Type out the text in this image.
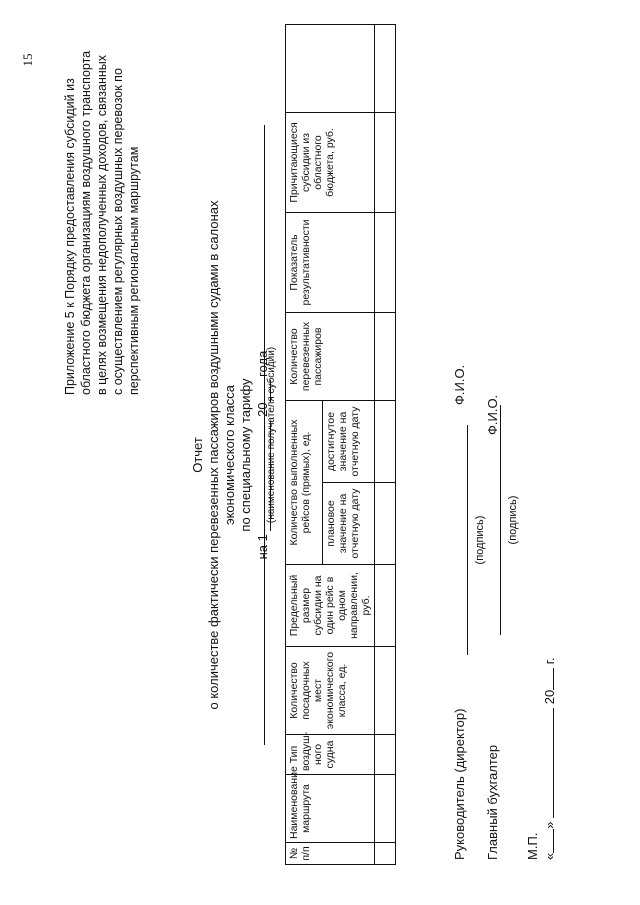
15
Приложение 5 к Порядку предоставления субсидий из областного бюджета организациям воздушного транспорта в целях возмещения недополученных доходов, связанных с осуществлением регулярных воздушных перевозок по перспективным региональным маршрутам
Отчет о количестве фактически перевезенных пассажиров воздушными судами в салонах экономического класса по специальному тарифу
на 1   20  года
(наименование получателя субсидии)
№ п/п	Наименование маршрута	Тип воздуш-ного судна	Количество посадочных мест экономического класса, ед.	Предельный размер субсидии на один рейс в одном направлении, руб.	Количество выполненных рейсов (прямых), ед.		Количество перевезенных пассажиров	Показатель результативности	Причитающиеся субсидии из областного бюджета, руб.	
					плановое значение на отчетную дату	достигнутое значение на отчетную дату				

Руководитель (директор)
(подпись)
Ф.И.О.
Главный бухгалтер
(подпись)
Ф.И.О.
М.П. «»  20 г.
